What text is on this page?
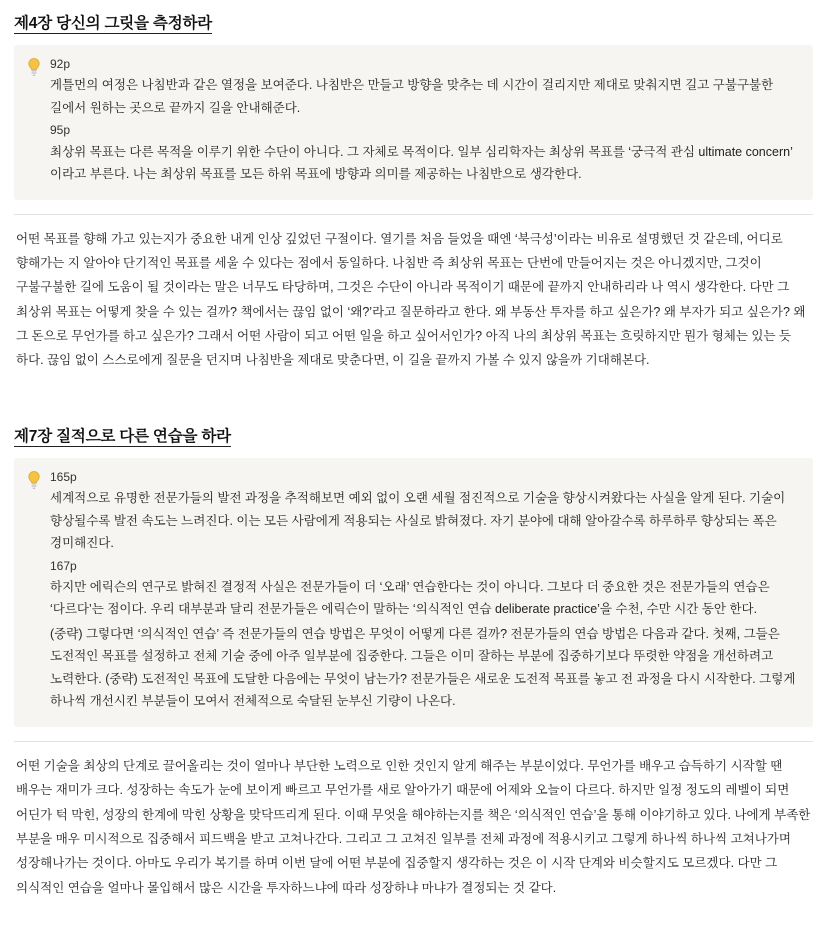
제4장 당신의 그릿을 측정하라
92p
게틀먼의 여정은 나침반과 같은 열정을 보여준다. 나침반은 만들고 방향을 맞추는 데 시간이 걸리지만 제대로 맞춰지면 길고 구불구불한 길에서 원하는 곳으로 끝까지 길을 안내해준다.
95p
최상위 목표는 다른 목적을 이루기 위한 수단이 아니다. 그 자체로 목적이다. 일부 심리학자는 최상위 목표를 ‘궁극적 관심 ultimate concern’ 이라고 부른다. 나는 최상위 목표를 모든 하위 목표에 방향과 의미를 제공하는 나침반으로 생각한다.
어떤 목표를 향해 가고 있는지가 중요한 내게 인상 깊었던 구절이다. 열기를 처음 들었을 때엔 ‘북극성’이라는 비유로 설명했던 것 같은데, 어디로 향해가는 지 알아야 단기적인 목표를 세울 수 있다는 점에서 동일하다. 나침반 즉 최상위 목표는 단번에 만들어지는 것은 아니겠지만, 그것이 구불구불한 길에 도움이 될 것이라는 말은 너무도 타당하며, 그것은 수단이 아니라 목적이기 때문에 끝까지 안내하리라 나 역시 생각한다. 다만 그 최상위 목표는 어떻게 찾을 수 있는 걸까? 책에서는 끊임 없이 ‘왜?’라고 질문하라고 한다. 왜 부동산 투자를 하고 싶은가? 왜 부자가 되고 싶은가? 왜 그 돈으로 무언가를 하고 싶은가? 그래서 어떤 사람이 되고 어떤 일을 하고 싶어서인가? 아직 나의 최상위 목표는 흐릿하지만 뭔가 형체는 있는 듯 하다. 끊임 없이 스스로에게 질문을 던지며 나침반을 제대로 맞춘다면, 이 길을 끝까지 가볼 수 있지 않을까 기대해본다.
제7장 질적으로 다른 연습을 하라
165p
세계적으로 유명한 전문가들의 발전 과정을 추적해보면 예외 없이 오랜 세월 점진적으로 기술을 향상시켜왔다는 사실을 알게 된다. 기술이 향상될수록 발전 속도는 느려진다. 이는 모든 사람에게 적용되는 사실로 밝혀졌다. 자기 분야에 대해 알아갈수록 하루하루 향상되는 폭은 경미해진다.
167p
하지만 에릭슨의 연구로 밝혀진 결정적 사실은 전문가들이 더 ‘오래’ 연습한다는 것이 아니다. 그보다 더 중요한 것은 전문가들의 연습은 ‘다르다’는 점이다. 우리 대부분과 달리 전문가들은 에릭슨이 말하는 ‘의식적인 연습 deliberate practice’을 수천, 수만 시간 동안 한다.
(중략) 그렇다면 ‘의식적인 연습’ 즉 전문가들의 연습 방법은 무엇이 어떻게 다른 걸까? 전문가들의 연습 방법은 다음과 같다. 첫째, 그들은 도전적인 목표를 설정하고 전체 기술 중에 아주 일부분에 집중한다. 그들은 이미 잘하는 부분에 집중하기보다 뚜렷한 약점을 개선하려고 노력한다. (중략) 도전적인 목표에 도달한 다음에는 무엇이 남는가? 전문가들은 새로운 도전적 목표를 놓고 전 과정을 다시 시작한다. 그렇게 하나씩 개선시킨 부분들이 모여서 전체적으로 숙달된 눈부신 기량이 나온다.
어떤 기술을 최상의 단계로 끌어올리는 것이 얼마나 부단한 노력으로 인한 것인지 알게 해주는 부분이었다. 무언가를 배우고 습득하기 시작할 땐 배우는 재미가 크다. 성장하는 속도가 눈에 보이게 빠르고 무언가를 새로 알아가기 때문에 어제와 오늘이 다르다. 하지만 일정 정도의 레벨이 되면 어딘가 턱 막힌, 성장의 한계에 막힌 상황을 맞닥뜨리게 된다. 이때 무엇을 해야하는지를 책은 ‘의식적인 연습’을 통해 이야기하고 있다. 나에게 부족한 부분을 매우 미시적으로 집중해서 피드백을 받고 고쳐나간다. 그리고 그 고쳐진 일부를 전체 과정에 적용시키고 그렇게 하나씩 하나씩 고쳐나가며 성장해나가는 것이다. 아마도 우리가 복기를 하며 이번 달에 어떤 부분에 집중할지 생각하는 것은 이 시작 단계와 비슷할지도 모르겠다. 다만 그 의식적인 연습을 얼마나 몰입해서 많은 시간을 투자하느냐에 따라 성장하냐 마냐가 결정되는 것 같다.
